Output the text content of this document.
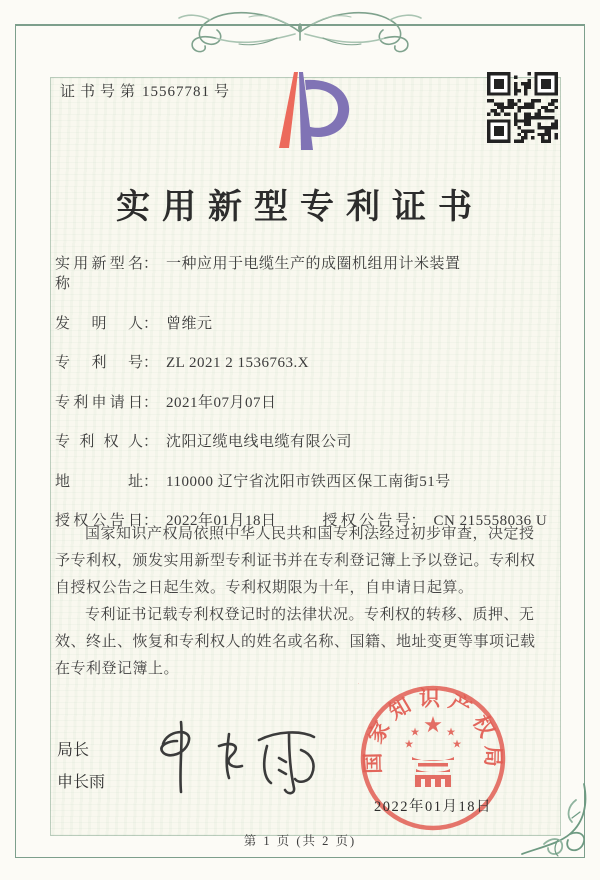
证书号第 15567781 号
实用新型专利证书
实用新型名称
： 一种应用于电缆生产的成圈机组用计米装置
发明人 ： 曾维元
专利号 ： ZL 2021 2 1536763.X
专利申请日 ： 2021年07月07日
专利权人 ： 沈阳辽缆电线电缆有限公司
地址 ： 110000 辽宁省沈阳市铁西区保工南街51号
授权公告日 ： 2022年01月18日	授权公告号 ： CN 215558036 U

国家知识产权局依照中华人民共和国专利法经过初步审查，决定授予专利权，颁发实用新型专利证书并在专利登记簿上予以登记。专利权自授权公告之日起生效。专利权期限为十年，自申请日起算。

专利证书记载专利权登记时的法律状况。专利权的转移、质押、无效、终止、恢复和专利权人的姓名或名称、国籍、地址变更等事项记载在专利登记簿上。

局长
申长雨
国家知识产权局
2022年01月18日
第 1 页 (共 2 页)
